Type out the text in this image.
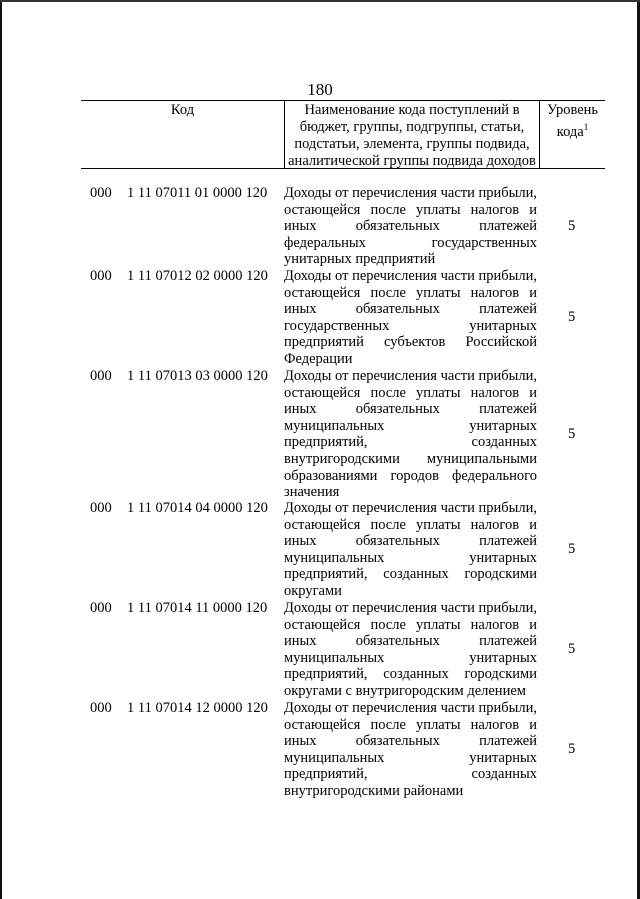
180
Код	Наименование кода поступлений в
бюджет, группы, подгруппы, статьи,
подстатьи, элемента, группы подвида,
аналитической группы подвида доходов
Уровень
кода$^1$
000 1 11 07011 01 0000 120 Доходы от перечисления части прибыли,
остающейся после уплаты налогов и
иных обязательных платежей
федеральных государственных
унитарных предприятий
5
000 1 11 07012 02 0000 120 Доходы от перечисления части прибыли,
остающейся после уплаты налогов и
иных обязательных платежей
государственных унитарных
предприятий субъектов Российской
Федерации
5
000 1 11 07013 03 0000 120 Доходы от перечисления части прибыли,
остающейся после уплаты налогов и
иных обязательных платежей
муниципальных унитарных
предприятий, созданных
внутригородскими муниципальными
образованиями городов федерального
значения
5
000 1 11 07014 04 0000 120 Доходы от перечисления части прибыли,
остающейся после уплаты налогов и
иных обязательных платежей
муниципальных унитарных
предприятий, созданных городскими
округами
5
000 1 11 07014 11 0000 120 Доходы от перечисления части прибыли,
остающейся после уплаты налогов и
иных обязательных платежей
муниципальных унитарных
предприятий, созданных городскими
округами с внутригородским делением
5
000 1 11 07014 12 0000 120 Доходы от перечисления части прибыли,
остающейся после уплаты налогов и
иных обязательных платежей
муниципальных унитарных
предприятий, созданных
внутригородскими районами
5
